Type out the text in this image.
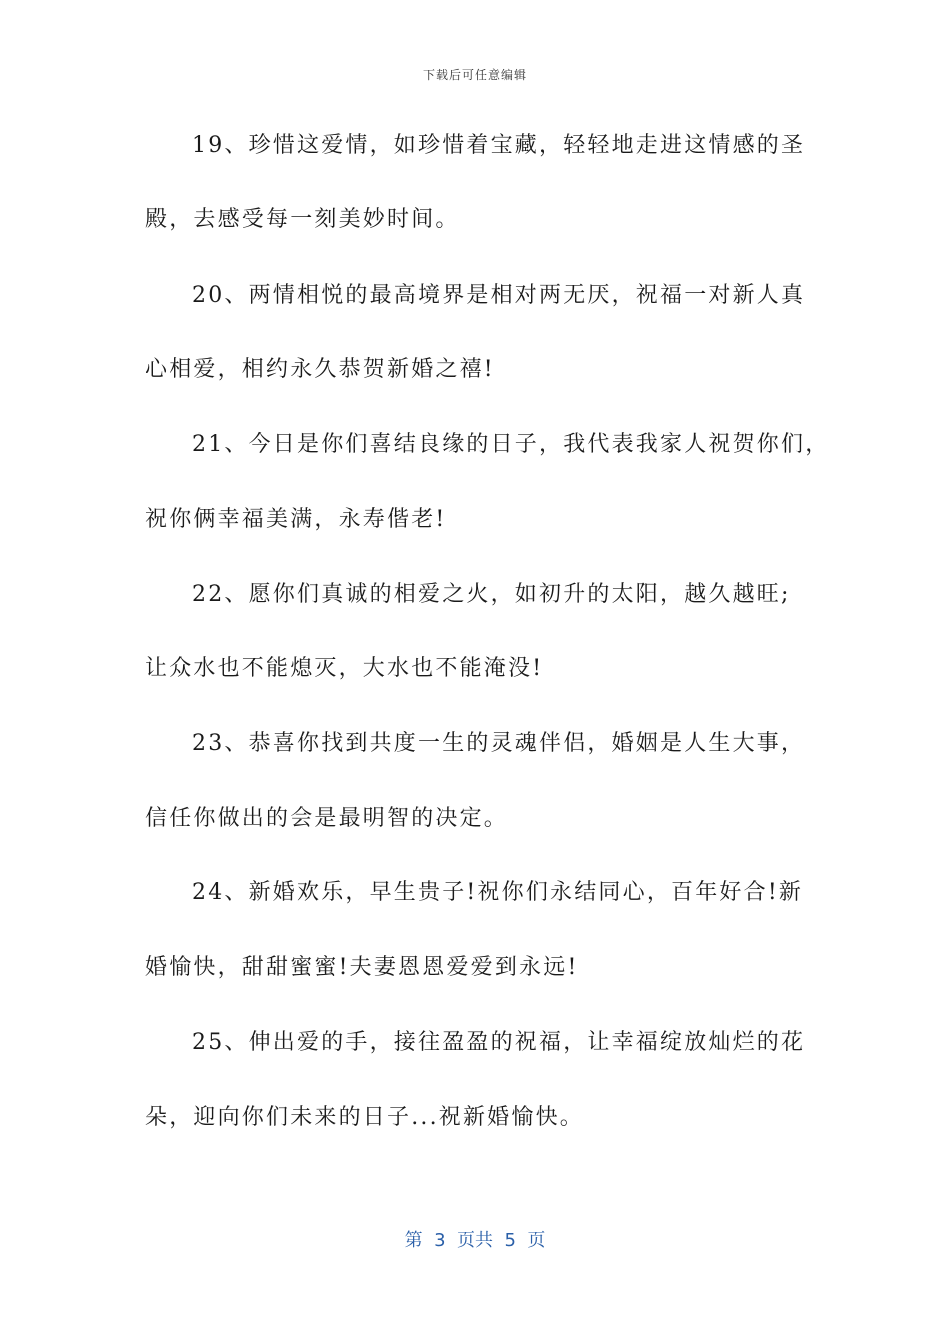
下载后可任意编辑
19、珍惜这爱情，如珍惜着宝藏，轻轻地走进这情感的圣
殿，去感受每一刻美妙时间。
20、两情相悦的最高境界是相对两无厌，祝福一对新人真
心相爱，相约永久恭贺新婚之禧!
21、今日是你们喜结良缘的日子，我代表我家人祝贺你们，
祝你俩幸福美满，永寿偕老!
22、愿你们真诚的相爱之火，如初升的太阳，越久越旺;
让众水也不能熄灭，大水也不能淹没!
23、恭喜你找到共度一生的灵魂伴侣，婚姻是人生大事，
信任你做出的会是最明智的决定。
24、新婚欢乐，早生贵子!祝你们永结同心，百年好合!新
婚愉快，甜甜蜜蜜!夫妻恩恩爱爱到永远!
25、伸出爱的手，接往盈盈的祝福，让幸福绽放灿烂的花
朵，迎向你们未来的日子...祝新婚愉快。
第  3  页共  5  页
